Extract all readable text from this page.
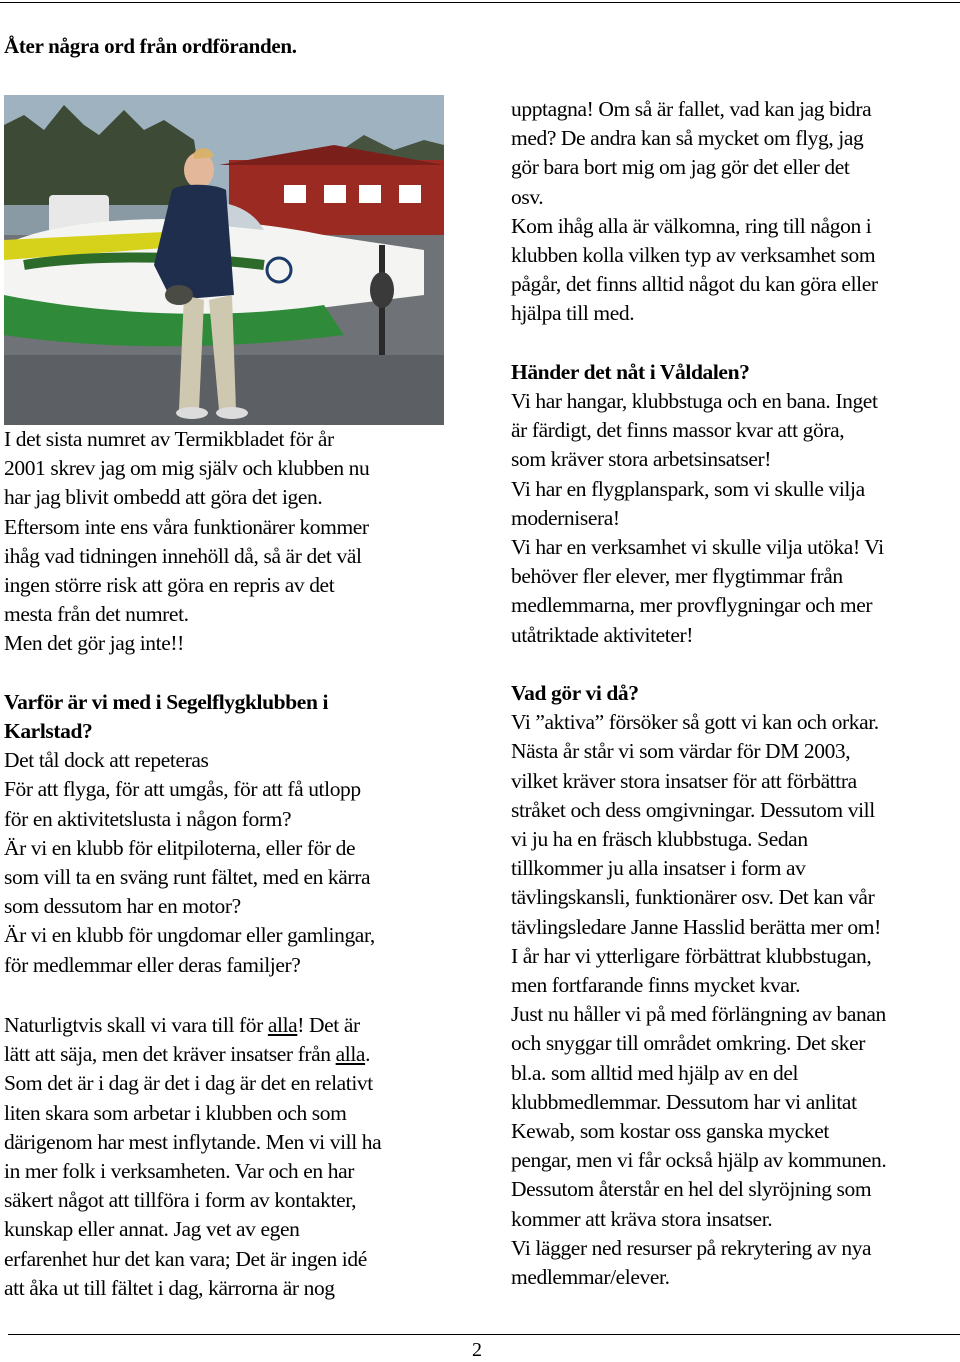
Åter några ord från ordföranden.

I det sista numret av Termikbladet för år

2001 skrev jag om mig själv och klubben nu

har jag blivit ombedd att göra det igen.

Eftersom inte ens våra funktionärer kommer

ihåg vad tidningen innehöll då, så är det väl

ingen större risk att göra en repris av det

mesta från det numret.

Men det gör jag inte!!

Varför är vi med i Segelflygklubben i

Karlstad?

Det tål dock att repeteras

För att flyga, för att umgås, för att få utlopp

för en aktivitetslusta i någon form?

Är vi en klubb för elitpiloterna, eller för de

som vill ta en sväng runt fältet, med en kärra

som dessutom har en motor?

Är vi en klubb för ungdomar eller gamlingar,

för medlemmar eller deras familjer?

Naturligtvis skall vi vara till för alla! Det är

lätt att säja, men det kräver insatser från alla.

Som det är i dag är det i dag är det en relativt

liten skara som arbetar i klubben och som

därigenom har mest inflytande. Men vi vill ha

in mer folk i verksamheten. Var och en har

säkert något att tillföra i form av kontakter,

kunskap eller annat. Jag vet av egen

erfarenhet hur det kan vara; Det är ingen idé

att åka ut till fältet i dag, kärrorna är nog

upptagna! Om så är fallet, vad kan jag bidra

med? De andra kan så mycket om flyg, jag

gör bara bort mig om jag gör det eller det

osv.

Kom ihåg alla är välkomna, ring till någon i

klubben kolla vilken typ av verksamhet som

pågår, det finns alltid något du kan göra eller

hjälpa till med.

Händer det nåt i Våldalen?

Vi har hangar, klubbstuga och en bana. Inget

är färdigt, det finns massor kvar att göra,

som kräver stora arbetsinsatser!

Vi har en flygplanspark, som vi skulle vilja

modernisera!

Vi har en verksamhet vi skulle vilja utöka! Vi

behöver fler elever, mer flygtimmar från

medlemmarna, mer provflygningar och mer

utåtriktade aktiviteter!

Vad gör vi då?

Vi ”aktiva” försöker så gott vi kan och orkar.

Nästa år står vi som värdar för DM 2003,

vilket kräver stora insatser för att förbättra

stråket och dess omgivningar. Dessutom vill

vi ju ha en fräsch klubbstuga. Sedan

tillkommer ju alla insatser i form av

tävlingskansli, funktionärer osv. Det kan vår

tävlingsledare Janne Hasslid berätta mer om!

I år har vi ytterligare förbättrat klubbstugan,

men fortfarande finns mycket kvar.

Just nu håller vi på med förlängning av banan

och snyggar till området omkring. Det sker

bl.a. som alltid med hjälp av en del

klubbmedlemmar. Dessutom har vi anlitat

Kewab, som kostar oss ganska mycket

pengar, men vi får också hjälp av kommunen.

Dessutom återstår en hel del slyröjning som

kommer att kräva stora insatser.

Vi lägger ned resurser på rekrytering av nya

medlemmar/elever.

2
